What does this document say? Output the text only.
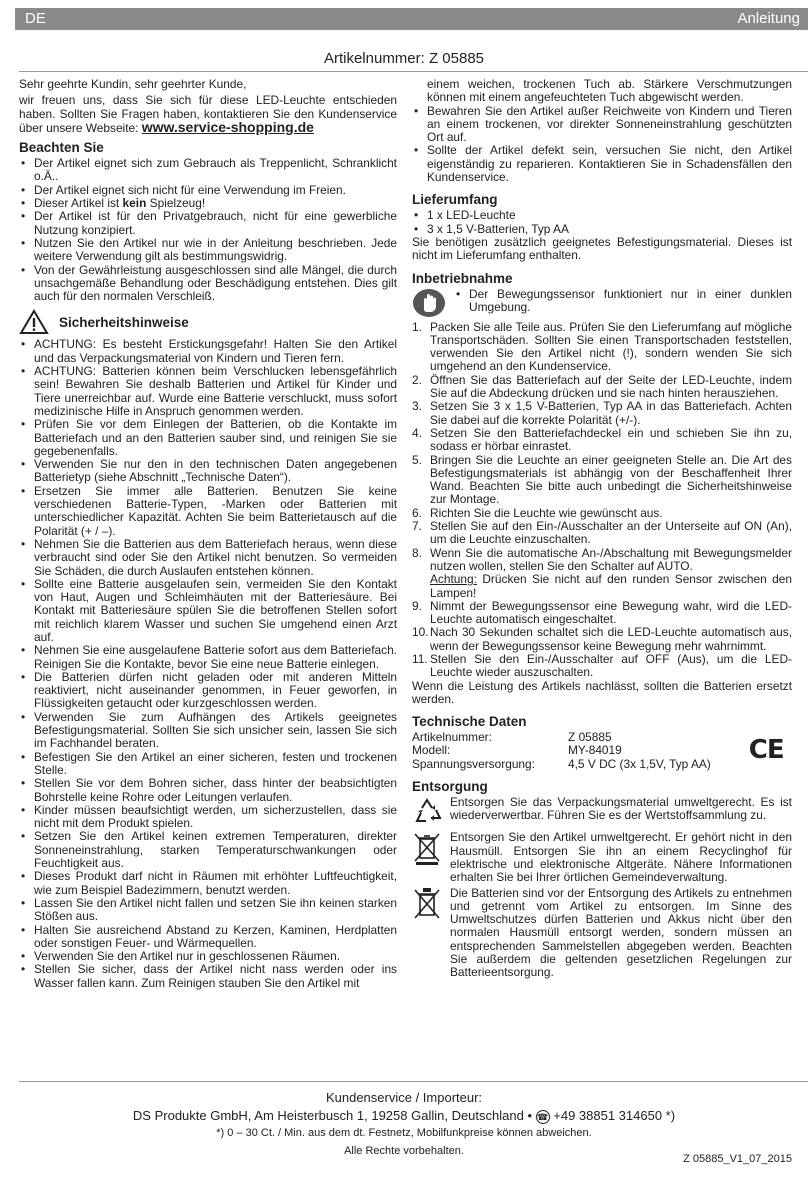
DE	Anleitung
Artikelnummer: Z 05885

Sehr geehrte Kundin, sehr geehrter Kunde,

wir freuen uns, dass Sie sich für diese LED-Leuchte entschieden haben. Sollten Sie Fragen haben, kontaktieren Sie den Kundenservice über unsere Webseite: www.service-shopping.de

Beachten Sie
• Der Artikel eignet sich zum Gebrauch als Treppenlicht, Schranklicht o.Ä..
• Der Artikel eignet sich nicht für eine Verwendung im Freien.
• Dieser Artikel ist kein Spielzeug!
• Der Artikel ist für den Privatgebrauch, nicht für eine gewerbliche Nutzung konzipiert.
• Nutzen Sie den Artikel nur wie in der Anleitung beschrieben. Jede weitere Verwendung gilt als bestimmungswidrig.
• Von der Gewährleistung ausgeschlossen sind alle Mängel, die durch unsachgemäße Behandlung oder Beschädigung entstehen. Dies gilt auch für den normalen Verschleiß.
Sicherheitshinweise
• ACHTUNG: Es besteht Erstickungsgefahr! Halten Sie den Artikel und das Verpackungsmaterial von Kindern und Tieren fern.
• ACHTUNG: Batterien können beim Verschlucken lebensgefährlich sein! Bewahren Sie deshalb Batterien und Artikel für Kinder und Tiere unerreichbar auf. Wurde eine Batterie verschluckt, muss sofort medizinische Hilfe in Anspruch genommen werden.
• Prüfen Sie vor dem Einlegen der Batterien, ob die Kontakte im Batteriefach und an den Batterien sauber sind, und reinigen Sie sie gegebenenfalls.
• Verwenden Sie nur den in den technischen Daten angegebenen Batterietyp (siehe Abschnitt „Technische Daten“).
• Ersetzen Sie immer alle Batterien. Benutzen Sie keine verschiedenen Batterie-Typen, -Marken oder Batterien mit unterschiedlicher Kapazität. Achten Sie beim Batterietausch auf die Polarität (+ / –).
• Nehmen Sie die Batterien aus dem Batteriefach heraus, wenn diese verbraucht sind oder Sie den Artikel nicht benutzen. So vermeiden Sie Schäden, die durch Auslaufen entstehen können.
• Sollte eine Batterie ausgelaufen sein, vermeiden Sie den Kontakt von Haut, Augen und Schleimhäuten mit der Batteriesäure. Bei Kontakt mit Batteriesäure spülen Sie die betroffenen Stellen sofort mit reichlich klarem Wasser und suchen Sie umgehend einen Arzt auf.
• Nehmen Sie eine ausgelaufene Batterie sofort aus dem Batteriefach. Reinigen Sie die Kontakte, bevor Sie eine neue Batterie einlegen.
• Die Batterien dürfen nicht geladen oder mit anderen Mitteln reaktiviert, nicht auseinander genommen, in Feuer geworfen, in Flüssigkeiten getaucht oder kurzgeschlossen werden.
• Verwenden Sie zum Aufhängen des Artikels geeignetes Befestigungsmaterial. Sollten Sie sich unsicher sein, lassen Sie sich im Fachhandel beraten.
• Befestigen Sie den Artikel an einer sicheren, festen und trockenen Stelle.
• Stellen Sie vor dem Bohren sicher, dass hinter der beabsichtigten Bohrstelle keine Rohre oder Leitungen verlaufen.
• Kinder müssen beaufsichtigt werden, um sicherzustellen, dass sie nicht mit dem Produkt spielen.
• Setzen Sie den Artikel keinen extremen Temperaturen, direkter Sonneneinstrahlung, starken Temperaturschwankungen oder Feuchtigkeit aus.
• Dieses Produkt darf nicht in Räumen mit erhöhter Luftfeuchtigkeit, wie zum Beispiel Badezimmern, benutzt werden.
• Lassen Sie den Artikel nicht fallen und setzen Sie ihn keinen starken Stößen aus.
• Halten Sie ausreichend Abstand zu Kerzen, Kaminen, Herdplatten oder sonstigen Feuer- und Wärmequellen.
• Verwenden Sie den Artikel nur in geschlossenen Räumen.
• Stellen Sie sicher, dass der Artikel nicht nass werden oder ins Wasser fallen kann. Zum Reinigen stauben Sie den Artikel mit

einem weichen, trockenen Tuch ab. Stärkere Verschmutzungen können mit einem angefeuchteten Tuch abgewischt werden.

• Bewahren Sie den Artikel außer Reichweite von Kindern und Tieren an einem trockenen, vor direkter Sonneneinstrahlung geschützten Ort auf.
• Sollte der Artikel defekt sein, versuchen Sie nicht, den Artikel eigenständig zu reparieren. Kontaktieren Sie in Schadensfällen den Kundenservice.
Lieferumfang
• 1 x LED-Leuchte
• 3 x 1,5 V-Batterien, Typ AA

Sie benötigen zusätzlich geeignetes Befestigungsmaterial. Dieses ist nicht im Lieferumfang enthalten.

Inbetriebnahme
• Der Bewegungssensor funktioniert nur in einer dunklen Umgebung.
1. Packen Sie alle Teile aus. Prüfen Sie den Lieferumfang auf mögliche Transportschäden. Sollten Sie einen Transportschaden feststellen, verwenden Sie den Artikel nicht (!), sondern wenden Sie sich umgehend an den Kundenservice.
2. Öffnen Sie das Batteriefach auf der Seite der LED-Leuchte, indem Sie auf die Abdeckung drücken und sie nach hinten herausziehen.
3. Setzen Sie 3 x 1,5 V-Batterien, Typ AA in das Batteriefach. Achten Sie dabei auf die korrekte Polarität (+/-).
4. Setzen Sie den Batteriefachdeckel ein und schieben Sie ihn zu, sodass er hörbar einrastet.
5. Bringen Sie die Leuchte an einer geeigneten Stelle an. Die Art des Befestigungsmaterials ist abhängig von der Beschaffenheit Ihrer Wand. Beachten Sie bitte auch unbedingt die Sicherheitshinweise zur Montage.
6. Richten Sie die Leuchte wie gewünscht aus.
7. Stellen Sie auf den Ein-/Ausschalter an der Unterseite auf ON (An), um die Leuchte einzuschalten.
8. Wenn Sie die automatische An-/Abschaltung mit Bewegungsmelder nutzen wollen, stellen Sie den Schalter auf AUTO.
Achtung: Drücken Sie nicht auf den runden Sensor zwischen den Lampen!
9. Nimmt der Bewegungssensor eine Bewegung wahr, wird die LED-Leuchte automatisch eingeschaltet.
10. Nach 30 Sekunden schaltet sich die LED-Leuchte automatisch aus, wenn der Bewegungssensor keine Bewegung mehr wahrnimmt.
11. Stellen Sie den Ein-/Ausschalter auf OFF (Aus), um die LED-Leuchte wieder auszuschalten.

Wenn die Leistung des Artikels nachlässt, sollten die Batterien ersetzt werden.

Technische Daten
Artikelnummer:	Z 05885
Modell:	MY-84019
Spannungsversorgung:	4,5 V DC (3x 1,5V, Typ AA) CE
Entsorgung

Entsorgen Sie das Verpackungsmaterial umweltgerecht. Es ist wiederverwertbar. Führen Sie es der Wertstoffsammlung zu.

Entsorgen Sie den Artikel umweltgerecht. Er gehört nicht in den Hausmüll. Entsorgen Sie ihn an einem Recyclinghof für elektrische und elektronische Altgeräte. Nähere Informationen erhalten Sie bei Ihrer örtlichen Gemeindeverwaltung.

Die Batterien sind vor der Entsorgung des Artikels zu entnehmen und getrennt vom Artikel zu entsorgen. Im Sinne des Umweltschutzes dürfen Batterien und Akkus nicht über den normalen Hausmüll entsorgt werden, sondern müssen an entsprechenden Sammelstellen abgegeben werden. Beachten Sie außerdem die geltenden gesetzlichen Regelungen zur Batterieentsorgung.

Kundenservice / Importeur:
DS Produkte GmbH, Am Heisterbusch 1, 19258 Gallin, Deutschland • ☎ +49 38851 314650 *)
*) 0 – 30 Ct. / Min. aus dem dt. Festnetz, Mobilfunkpreise können abweichen.
Alle Rechte vorbehalten.
Z 05885_V1_07_2015
